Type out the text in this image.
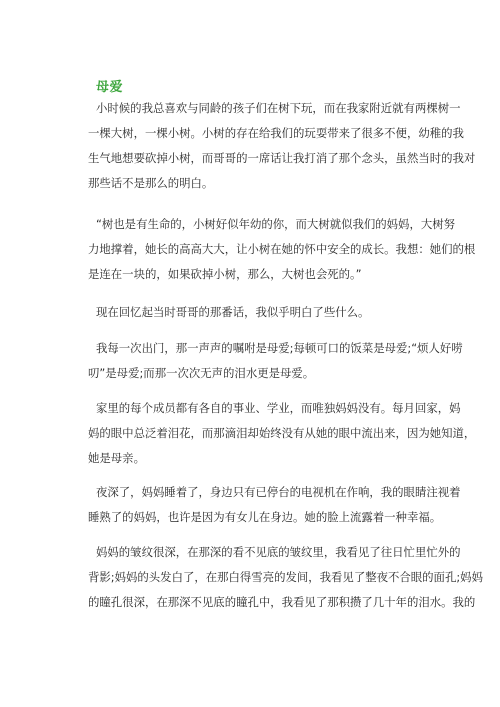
母爱

小时候的我总喜欢与同龄的孩子们在树下玩，而在我家附近就有两棵树一
一棵大树，一棵小树。小树的存在给我们的玩耍带来了很多不便，幼稚的我
生气地想要砍掉小树，而哥哥的一席话让我打消了那个念头，虽然当时的我对
那些话不是那么的明白。

“树也是有生命的，小树好似年幼的你，而大树就似我们的妈妈，大树努
力地撑着，她长的高高大大，让小树在她的怀中安全的成长。我想：她们的根
是连在一块的，如果砍掉小树，那么，大树也会死的。”

现在回忆起当时哥哥的那番话，我似乎明白了些什么。

我每一次出门，那一声声的嘱咐是母爱;每顿可口的饭菜是母爱;“烦人好唠
叨”是母爱;而那一次次无声的泪水更是母爱。

家里的每个成员都有各自的事业、学业，而唯独妈妈没有。每月回家，妈
妈的眼中总泛着泪花，而那滴泪却始终没有从她的眼中流出来，因为她知道，
她是母亲。

夜深了，妈妈睡着了，身边只有已停台的电视机在作响，我的眼睛注视着
睡熟了的妈妈，也许是因为有女儿在身边。她的脸上流露着一种幸福。

妈妈的皱纹很深，在那深的看不见底的皱纹里，我看见了往日忙里忙外的
背影;妈妈的头发白了，在那白得雪亮的发间，我看见了整夜不合眼的面孔;妈妈
的瞳孔很深，在那深不见底的瞳孔中，我看见了那积攒了几十年的泪水。我的
